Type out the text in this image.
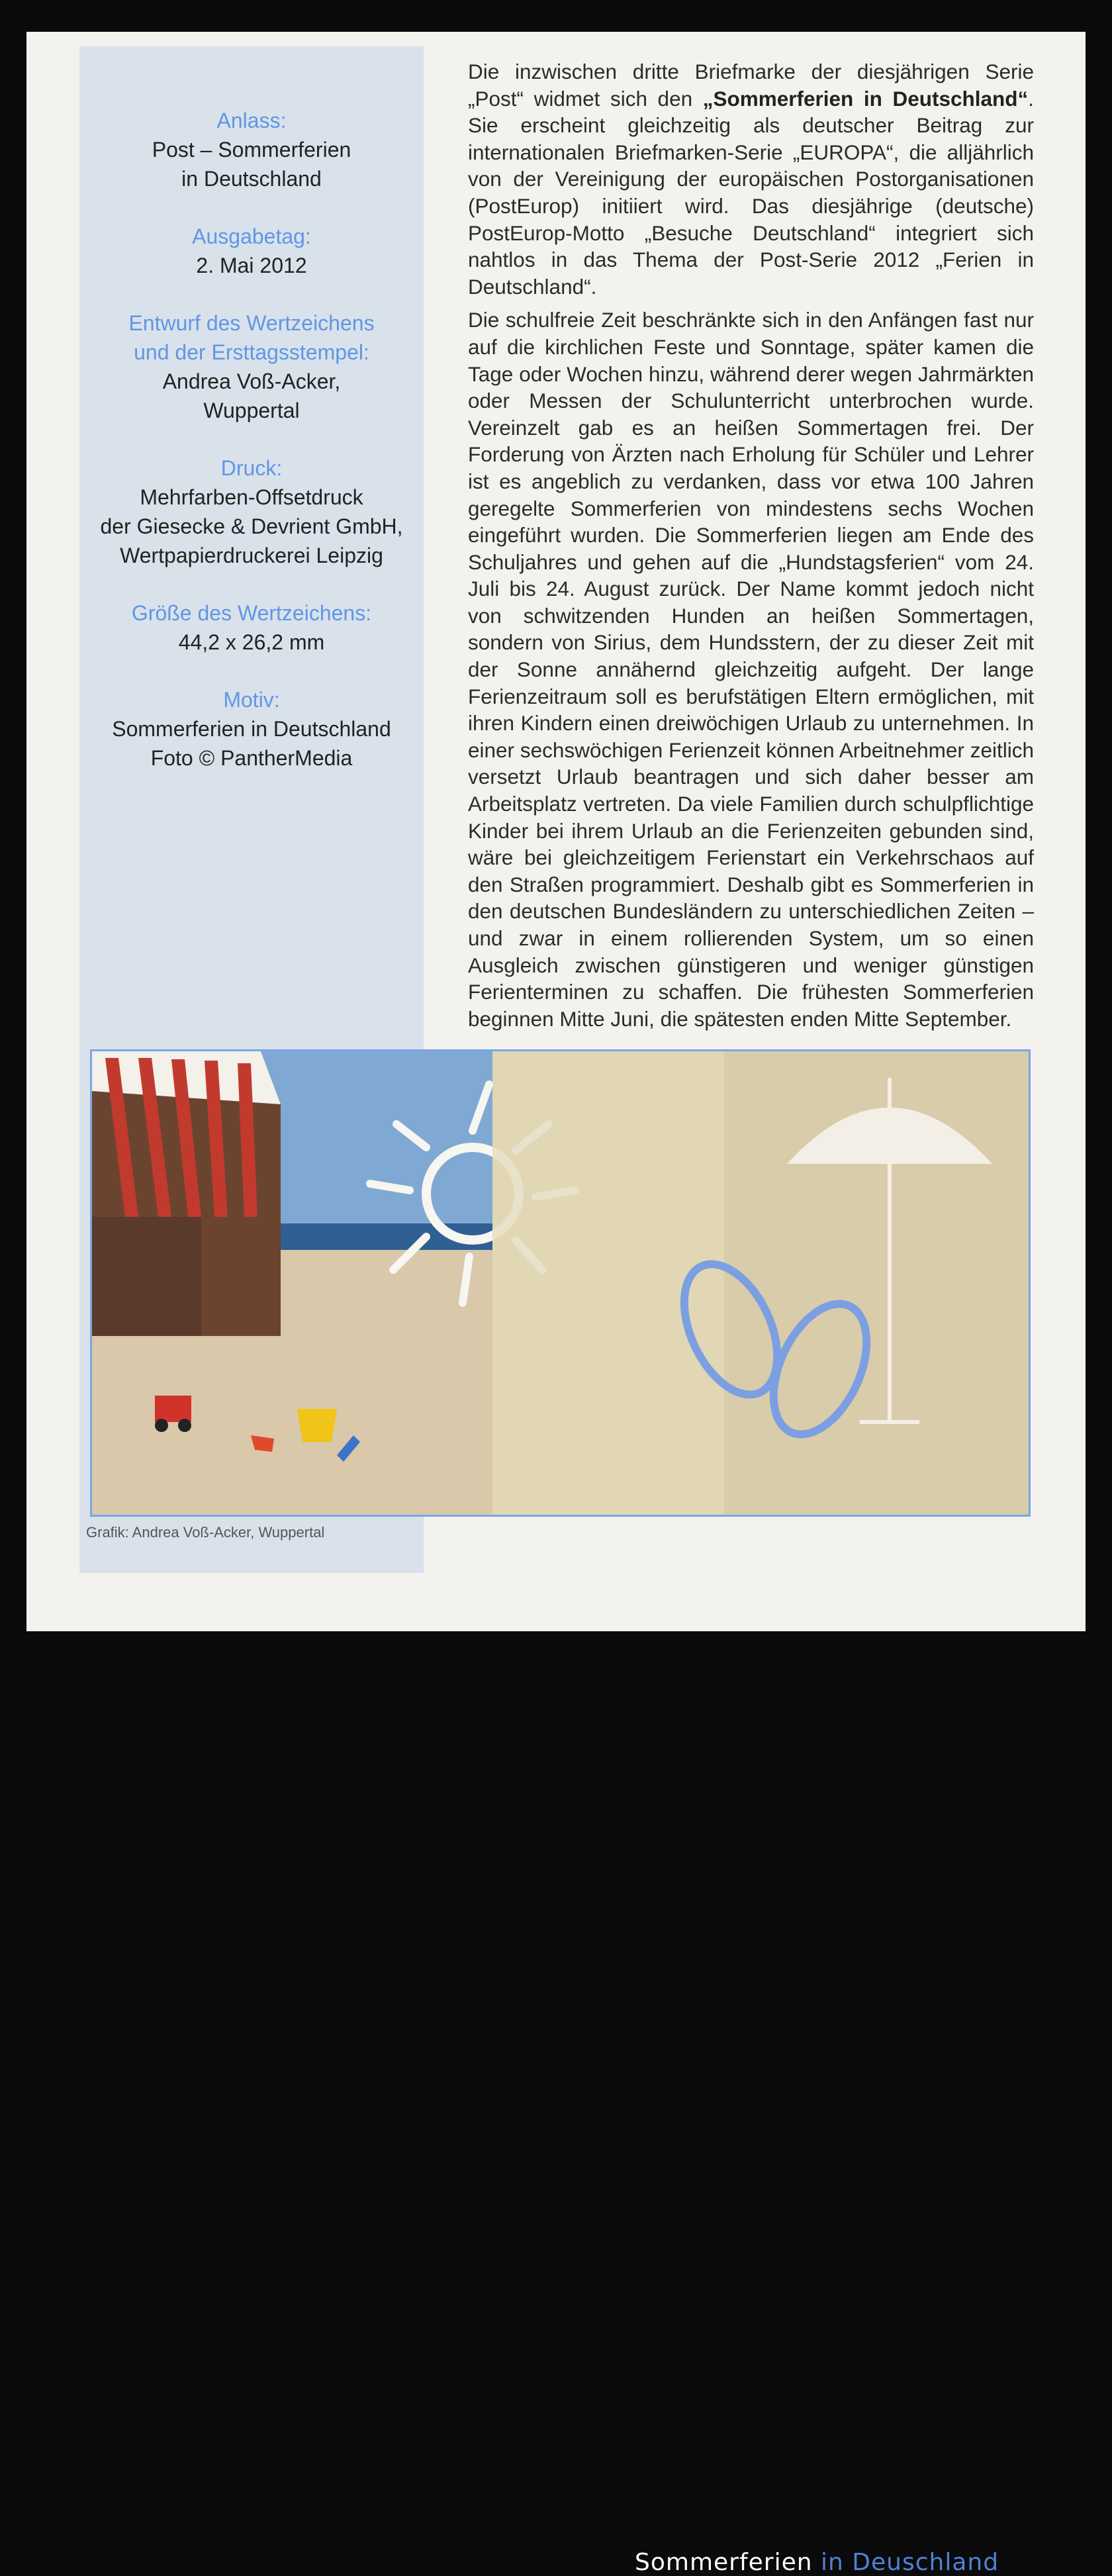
Anlass:
Post – Sommerferien
in Deutschland
Ausgabetag:
2. Mai 2012
Entwurf des Wertzeichens
und der Ersttagsstempel:
Andrea Voß-Acker,
Wuppertal
Druck:
Mehrfarben-Offsetdruck
der Giesecke & Devrient GmbH,
Wertpapierdruckerei Leipzig
Größe des Wertzeichens:
44,2 x 26,2 mm
Motiv:
Sommerferien in Deutschland
Foto © PantherMedia

Die inzwischen dritte Briefmarke der diesjährigen Serie „Post“ widmet sich den „Sommerferien in Deutschland“. Sie erscheint gleichzeitig als deutscher Beitrag zur internationalen Briefmarken-Serie „EUROPA“, die alljährlich von der Vereinigung der europäischen Postorganisationen (PostEurop) initiiert wird. Das diesjährige (deutsche) PostEurop-Motto „Besuche Deutschland“ integriert sich nahtlos in das Thema der Post-Serie 2012 „Ferien in Deutschland“.

Die schulfreie Zeit beschränkte sich in den Anfängen fast nur auf die kirchlichen Feste und Sonntage, später kamen die Tage oder Wochen hinzu, während derer wegen Jahrmärkten oder Messen der Schulunterricht unterbrochen wurde. Vereinzelt gab es an heißen Sommertagen frei. Der Forderung von Ärzten nach Erholung für Schüler und Lehrer ist es angeblich zu verdanken, dass vor etwa 100 Jahren geregelte Sommerferien von mindestens sechs Wochen eingeführt wurden. Die Sommerferien liegen am Ende des Schuljahres und gehen auf die „Hundstagsferien“ vom 24. Juli bis 24. August zurück. Der Name kommt jedoch nicht von schwitzenden Hunden an heißen Sommertagen, sondern von Sirius, dem Hundsstern, der zu dieser Zeit mit der Sonne annähernd gleichzeitig aufgeht. Der lange Ferienzeitraum soll es berufstätigen Eltern ermöglichen, mit ihren Kindern einen dreiwöchigen Urlaub zu unternehmen. In einer sechswöchigen Ferienzeit können Arbeitnehmer zeitlich versetzt Urlaub beantragen und sich daher besser am Arbeitsplatz vertreten. Da viele Familien durch schulpflichtige Kinder bei ihrem Urlaub an die Ferienzeiten gebunden sind, wäre bei gleichzeitigem Ferienstart ein Verkehrschaos auf den Straßen programmiert. Deshalb gibt es Sommerferien in den deutschen Bundesländern zu unterschiedlichen Zeiten – und zwar in einem rollierenden System, um so einen Ausgleich zwischen günstigeren und weniger günstigen Ferienterminen zu schaffen. Die frühesten Sommerferien beginnen Mitte Juni, die spätesten enden Mitte September.

Sommerferien in Deuschland
Grafik: Andrea Voß-Acker, Wuppertal
